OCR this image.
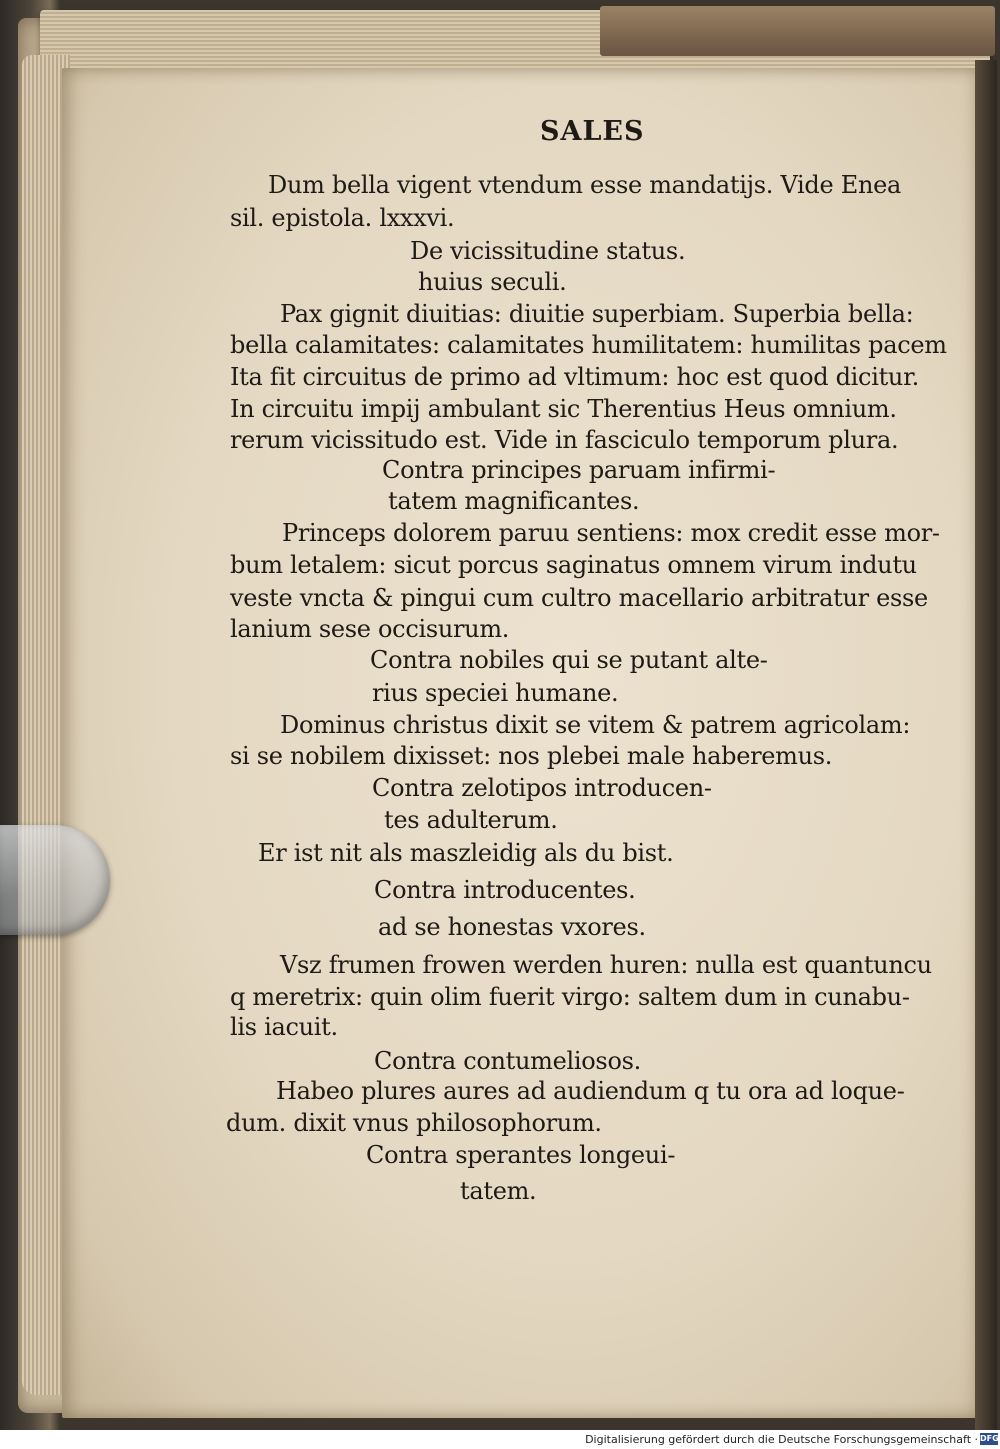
SALES
Dum bella vigent vtendum esse mandatijs. Vide Enea
sil. epistola. lxxxvi.
De vicissitudine status.
huius seculi.
Pax gignit diuitias: diuitie superbiam. Superbia bella:
bella calamitates: calamitates humilitatem: humilitas pacem
Ita fit circuitus de primo ad vltimum: hoc est quod dicitur.
In circuitu impij ambulant sic Therentius Heus omnium.
rerum vicissitudo est. Vide in fasciculo temporum plura.
Contra principes paruam infirmi-
tatem magnificantes.
Princeps dolorem paruu sentiens: mox credit esse mor-
bum letalem: sicut porcus saginatus omnem virum indutu
veste vncta & pingui cum cultro macellario arbitratur esse
lanium sese occisurum.
Contra nobiles qui se putant alte-
rius speciei humane.
Dominus christus dixit se vitem & patrem agricolam:
si se nobilem dixisset: nos plebei male haberemus.
Contra zelotipos introducen-
tes adulterum.
Er ist nit als maszleidig als du bist.
Contra introducentes.
ad se honestas vxores.
Vsz frumen frowen werden huren: nulla est quantuncu
q meretrix: quin olim fuerit virgo: saltem dum in cunabu-
lis iacuit.
Contra contumeliosos.
Habeo plures aures ad audiendum q tu ora ad loque-
dum. dixit vnus philosophorum.
Contra sperantes longeui-
tatem.
Digitalisierung gefördert durch die Deutsche Forschungsgemeinschaft · DFG
